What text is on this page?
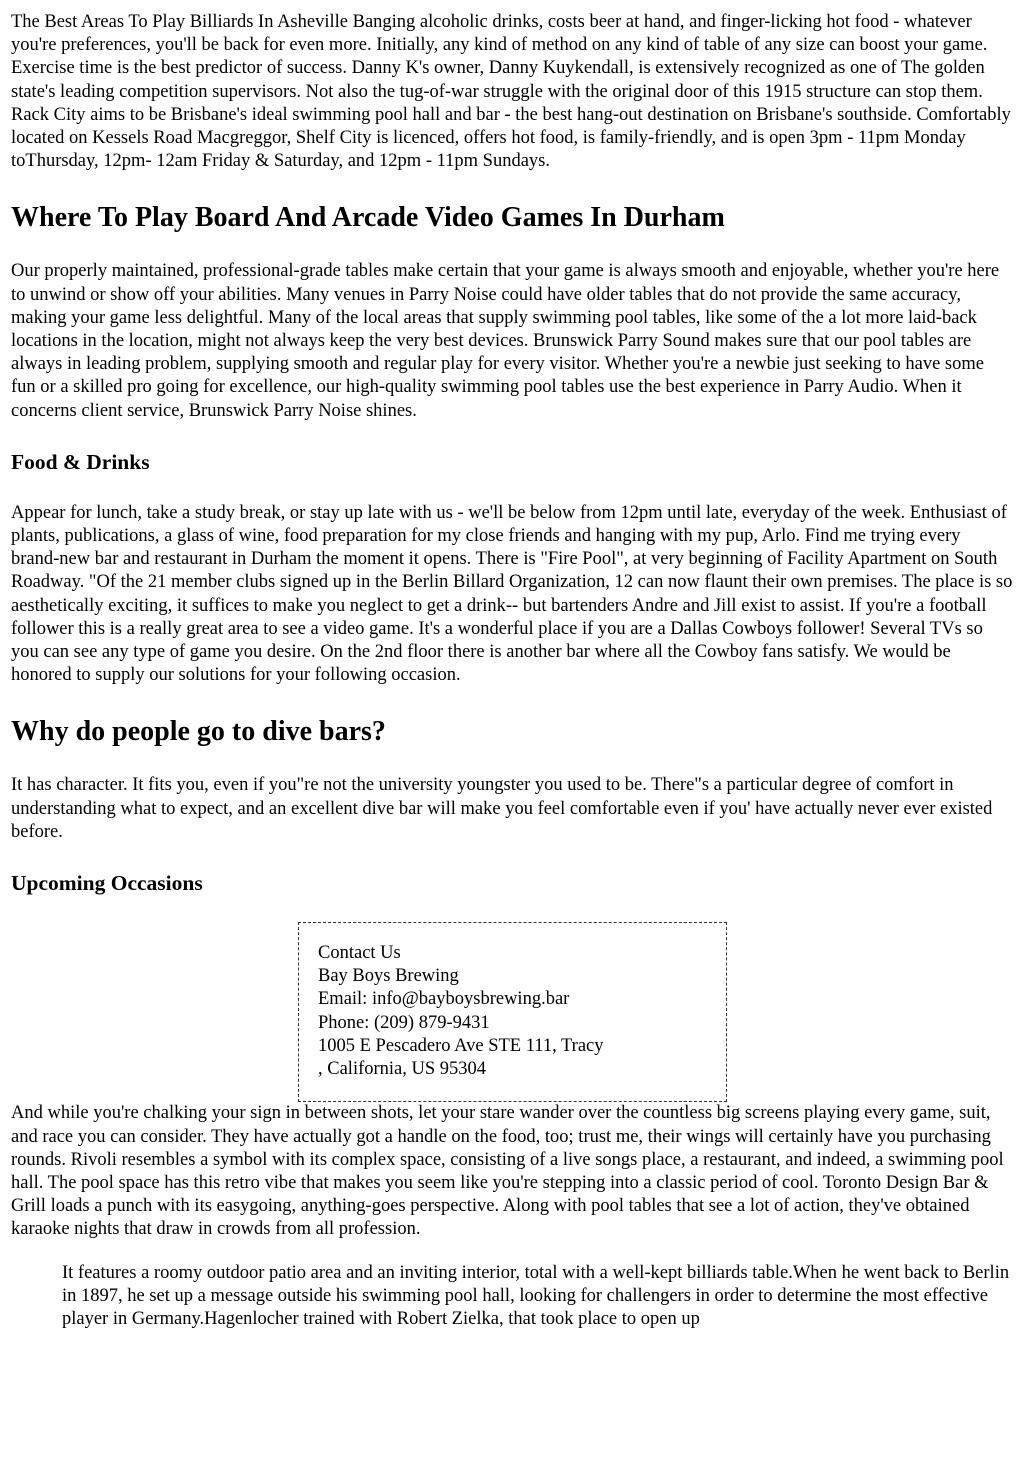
The Best Areas To Play Billiards In Asheville Banging alcoholic drinks, costs beer at hand, and finger-licking hot food - whatever you're preferences, you'll be back for even more. Initially, any kind of method on any kind of table of any size can boost your game. Exercise time is the best predictor of success. Danny K's owner, Danny Kuykendall, is extensively recognized as one of The golden state's leading competition supervisors. Not also the tug-of-war struggle with the original door of this 1915 structure can stop them. Rack City aims to be Brisbane's ideal swimming pool hall and bar - the best hang-out destination on Brisbane's southside. Comfortably located on Kessels Road Macgreggor, Shelf City is licenced, offers hot food, is family-friendly, and is open 3pm - 11pm Monday toThursday, 12pm- 12am Friday & Saturday, and 12pm - 11pm Sundays.

Where To Play Board And Arcade Video Games In Durham

Our properly maintained, professional-grade tables make certain that your game is always smooth and enjoyable, whether you're here to unwind or show off your abilities. Many venues in Parry Noise could have older tables that do not provide the same accuracy, making your game less delightful. Many of the local areas that supply swimming pool tables, like some of the a lot more laid-back locations in the location, might not always keep the very best devices. Brunswick Parry Sound makes sure that our pool tables are always in leading problem, supplying smooth and regular play for every visitor. Whether you're a newbie just seeking to have some fun or a skilled pro going for excellence, our high-quality swimming pool tables use the best experience in Parry Audio. When it concerns client service, Brunswick Parry Noise shines.

Food & Drinks

Appear for lunch, take a study break, or stay up late with us - we'll be below from 12pm until late, everyday of the week. Enthusiast of plants, publications, a glass of wine, food preparation for my close friends and hanging with my pup, Arlo. Find me trying every brand-new bar and restaurant in Durham the moment it opens. There is "Fire Pool", at very beginning of Facility Apartment on South Roadway. "Of the 21 member clubs signed up in the Berlin Billard Organization, 12 can now flaunt their own premises. The place is so aesthetically exciting, it suffices to make you neglect to get a drink-- but bartenders Andre and Jill exist to assist. If you're a football follower this is a really great area to see a video game. It's a wonderful place if you are a Dallas Cowboys follower! Several TVs so you can see any type of game you desire. On the 2nd floor there is another bar where all the Cowboy fans satisfy. We would be honored to supply our solutions for your following occasion.

Why do people go to dive bars?

It has character. It fits you, even if you"re not the university youngster you used to be. There"s a particular degree of comfort in understanding what to expect, and an excellent dive bar will make you feel comfortable even if you' have actually never ever existed before.

Upcoming Occasions
Contact Us
Bay Boys Brewing
Email: info@bayboysbrewing.bar
Phone: (209) 879-9431
1005 E Pescadero Ave STE 111, Tracy
, California, US 95304

And while you're chalking your sign in between shots, let your stare wander over the countless big screens playing every game, suit, and race you can consider. They have actually got a handle on the food, too; trust me, their wings will certainly have you purchasing rounds. Rivoli resembles a symbol with its complex space, consisting of a live songs place, a restaurant, and indeed, a swimming pool hall. The pool space has this retro vibe that makes you seem like you're stepping into a classic period of cool. Toronto Design Bar & Grill loads a punch with its easygoing, anything-goes perspective. Along with pool tables that see a lot of action, they've obtained karaoke nights that draw in crowds from all profession.

It features a roomy outdoor patio area and an inviting interior, total with a well-kept billiards table.When he went back to Berlin in 1897, he set up a message outside his swimming pool hall, looking for challengers in order to determine the most effective player in Germany.Hagenlocher trained with Robert Zielka, that took place to open up
